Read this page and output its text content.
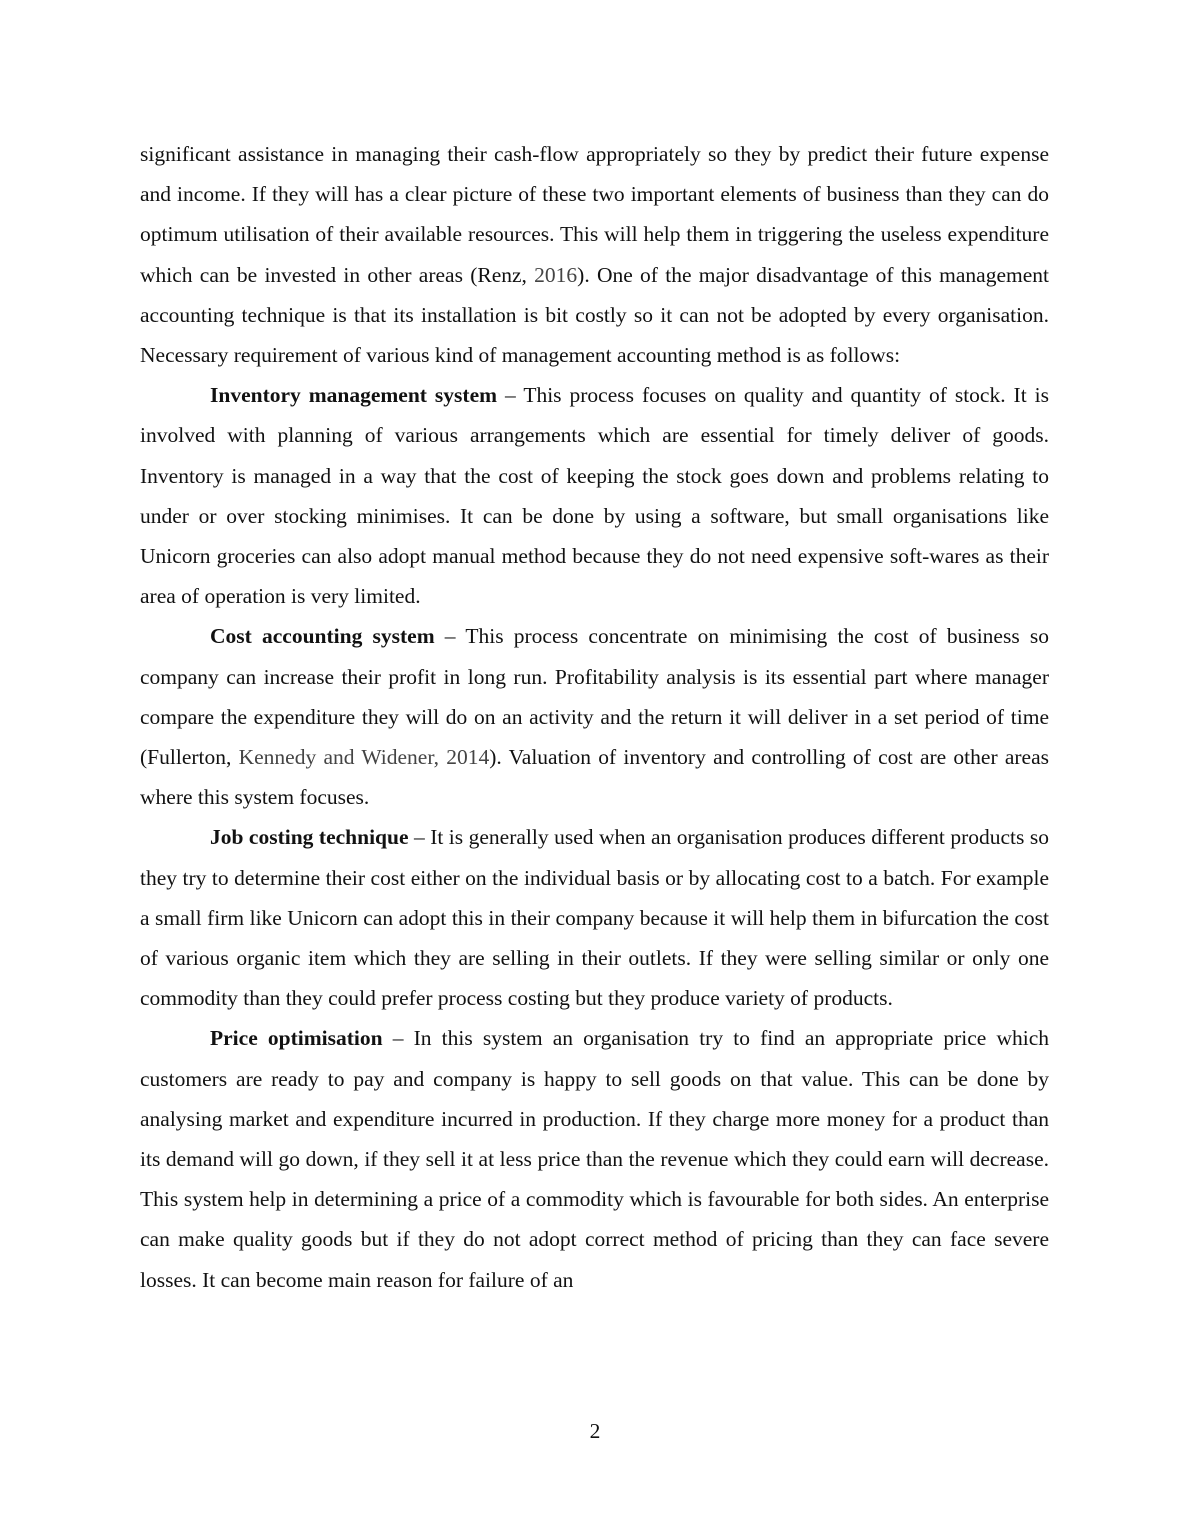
significant assistance in managing their cash-flow appropriately so they by predict their future expense and income. If they will has a clear picture of these two important elements of business than they can do optimum utilisation of their available resources. This will help them in triggering the useless expenditure which can be invested in other areas (Renz, 2016). One of the major disadvantage of this management accounting technique is that its installation is bit costly so it can not be adopted by every organisation. Necessary requirement of various kind of management accounting method is as follows:

Inventory management system – This process focuses on quality and quantity of stock. It is involved with planning of various arrangements which are essential for timely deliver of goods. Inventory is managed in a way that the cost of keeping the stock goes down and problems relating to under or over stocking minimises. It can be done by using a software, but small organisations like Unicorn groceries can also adopt manual method because they do not need expensive soft-wares as their area of operation is very limited.

Cost accounting system – This process concentrate on minimising the cost of business so company can increase their profit in long run. Profitability analysis is its essential part where manager compare the expenditure they will do on an activity and the return it will deliver in a set period of time (Fullerton, Kennedy and Widener, 2014). Valuation of inventory and controlling of cost are other areas where this system focuses.

Job costing technique – It is generally used when an organisation produces different products so they try to determine their cost either on the individual basis or by allocating cost to a batch. For example a small firm like Unicorn can adopt this in their company because it will help them in bifurcation the cost of various organic item which they are selling in their outlets. If they were selling similar or only one commodity than they could prefer process costing but they produce variety of products.

Price optimisation – In this system an organisation try to find an appropriate price which customers are ready to pay and company is happy to sell goods on that value. This can be done by analysing market and expenditure incurred in production. If they charge more money for a product than its demand will go down, if they sell it at less price than the revenue which they could earn will decrease. This system help in determining a price of a commodity which is favourable for both sides. An enterprise can make quality goods but if they do not adopt correct method of pricing than they can face severe losses. It can become main reason for failure of an

2
